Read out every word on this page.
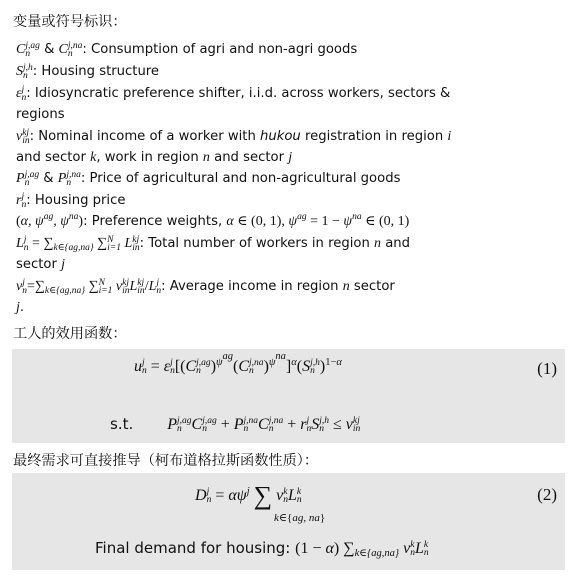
变量或符号标识：
C j,ag
n	& C j,na
n : Consumption of agri and non-agri goods
S j,h
n : Housing structure
ε j
n : Idiosyncratic preference shifter, i.i.d. across workers, sectors &
regions
v kj
in : Nominal income of a worker with hukou registration in region i
and sector k, work in region n and sector j
P j,ag
n	& P j,na
n : Price of agricultural and non-agricultural goods
r j
n : Housing price
(α, $\psi^{ag}$, $\psi^{na}$): Preference weights, α ∈ (0, 1), $\psi^{ag} = 1 - \psi^{na}$ ∈ (0, 1)
L j
$n = \sum_{k\in\{ag,na\}}$ ∑ N
i=1 L kj
in : Total number of workers in region n and
sector j
v j
$n =\sum_{k\in\{ag,na\}}$ ∑ N
i=1 v kj
in L kj
in /L j
n : Average income in region n sector
j.
工人的效用函数：
u j
n = ε j
n [(C j,ag
n )$^{\psi^{ag}}$(C j,na
n )$^{\psi^{na}}$]$^\alpha$(S j,h
n )$^{1-\alpha}$	(1)
s.t. P j,ag
n C j,ag
n + P j,na
n C j,na
n + r j
n S j,h
n ≤ v kj
in
最终需求可直接推导（柯布道格拉斯函数性质）：
D j
$n = \alpha\psi^j$ ∑ v k
n L k
n
k∈{ag, na}
(2)
Final demand for housing: (1 − α) $\sum_{k\in\{ag,na\}}$ v k
n L k
n
